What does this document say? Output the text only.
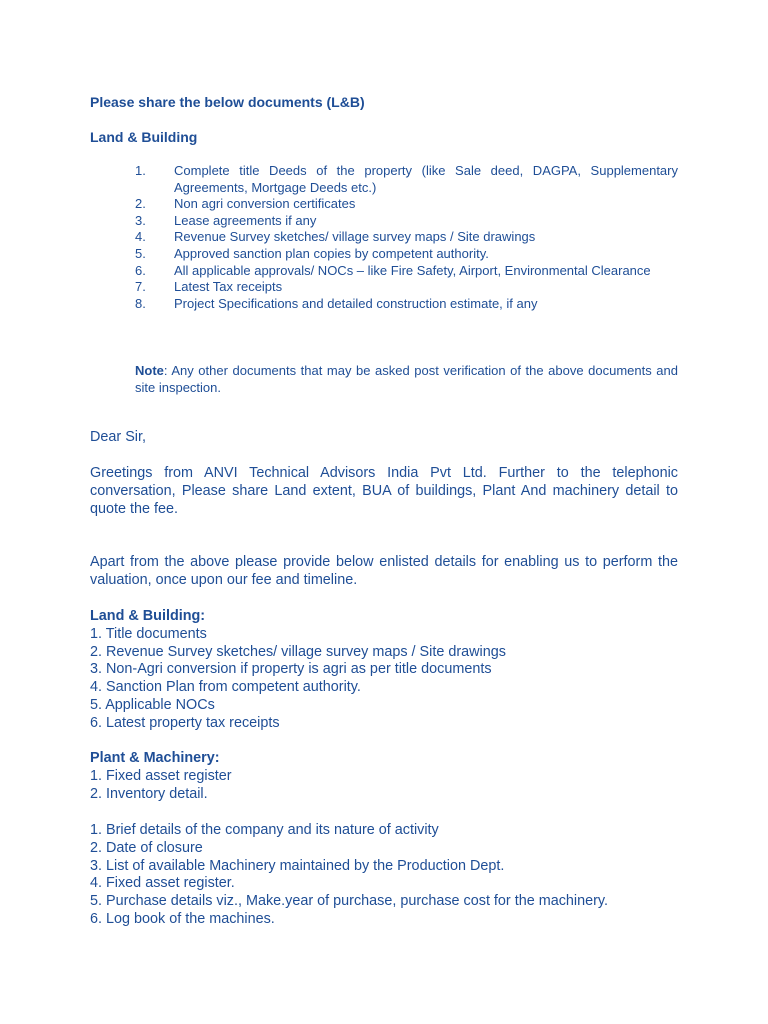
Please share the below documents (L&B)
Land & Building
1.	Complete title Deeds of the property (like Sale deed, DAGPA, Supplementary Agreements, Mortgage Deeds etc.)
2.	Non agri conversion certificates
3.	Lease agreements if any
4.	Revenue Survey sketches/ village survey maps / Site drawings
5.	Approved sanction plan copies by competent authority.
6.	All applicable approvals/ NOCs – like Fire Safety, Airport, Environmental Clearance
7.	Latest Tax receipts
8.	Project Specifications and detailed construction estimate, if any
Note: Any other documents that may be asked post verification of the above documents and site inspection.
Dear Sir,
Greetings from ANVI Technical Advisors India Pvt Ltd. Further to the telephonic conversation, Please share Land extent, BUA of buildings, Plant And machinery detail to quote the fee.
Apart from the above please provide below enlisted details for enabling us to perform the valuation, once upon our fee and timeline.
Land & Building:
1. Title documents
2. Revenue Survey sketches/ village survey maps / Site drawings
3. Non-Agri conversion if property is agri as per title documents
4. Sanction Plan from competent authority.
5. Applicable NOCs
6. Latest property tax receipts
Plant & Machinery:
1. Fixed asset register
2. Inventory detail.
1. Brief details of the company and its nature of activity
2. Date of closure
3. List of available Machinery maintained by the Production Dept.
4. Fixed asset register.
5. Purchase details viz., Make.year of purchase, purchase cost for the machinery.
6. Log book of the machines.
